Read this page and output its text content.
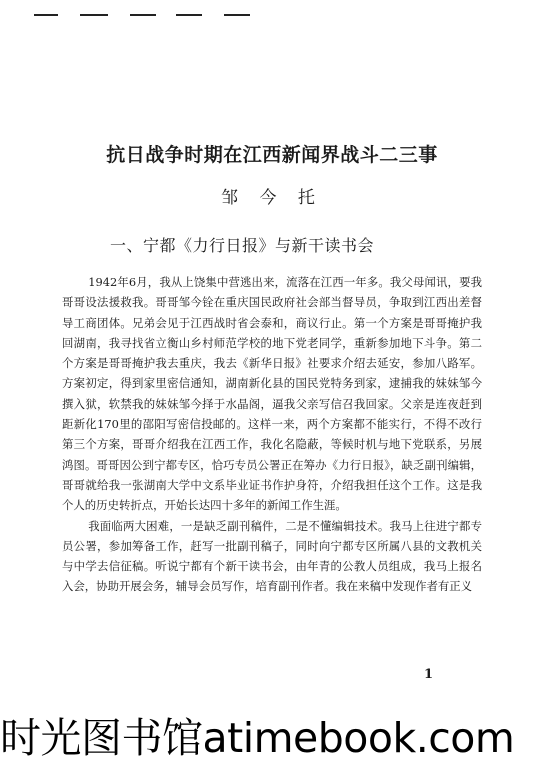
抗日战争时期在江西新闻界战斗二三事
邹 今 托
一、宁都《力行日报》与新干读书会

1942年6月，我从上饶集中营逃出来，流落在江西一年多。我父母闻讯，要我哥哥设法援救我。哥哥邹今铨在重庆国民政府社会部当督导员，争取到江西出差督导工商团体。兄弟会见于江西战时省会泰和，商议行止。第一个方案是哥哥掩护我回湖南，我寻找省立衡山乡村师范学校的地下党老同学，重新参加地下斗争。第二个方案是哥哥掩护我去重庆，我去《新华日报》社要求介绍去延安，参加八路军。方案初定，得到家里密信通知，湖南新化县的国民党特务到家，逮捕我的妹妹邹今撰入狱，软禁我的妹妹邹今择于水晶阁，逼我父亲写信召我回家。父亲是连夜赶到距新化170里的邵阳写密信投邮的。这样一来，两个方案都不能实行，不得不改行第三个方案，哥哥介绍我在江西工作，我化名隐蔽，等候时机与地下党联系，另展鸿图。哥哥因公到宁都专区，恰巧专员公署正在筹办《力行日报》，缺乏副刊编辑，哥哥就给我一张湖南大学中文系毕业证书作护身符，介绍我担任这个工作。这是我个人的历史转折点，开始长达四十多年的新闻工作生涯。

我面临两大困难，一是缺乏副刊稿件，二是不懂编辑技术。我马上往进宁都专员公署，参加筹备工作，赶写一批副刊稿子，同时向宁都专区所属八县的文教机关与中学去信征稿。听说宁都有个新干读书会，由年青的公教人员组成，我马上报名入会，协助开展会务，辅导会员写作，培育副刊作者。我在来稿中发现作者有正义

1
时光图书馆atimebook.com
